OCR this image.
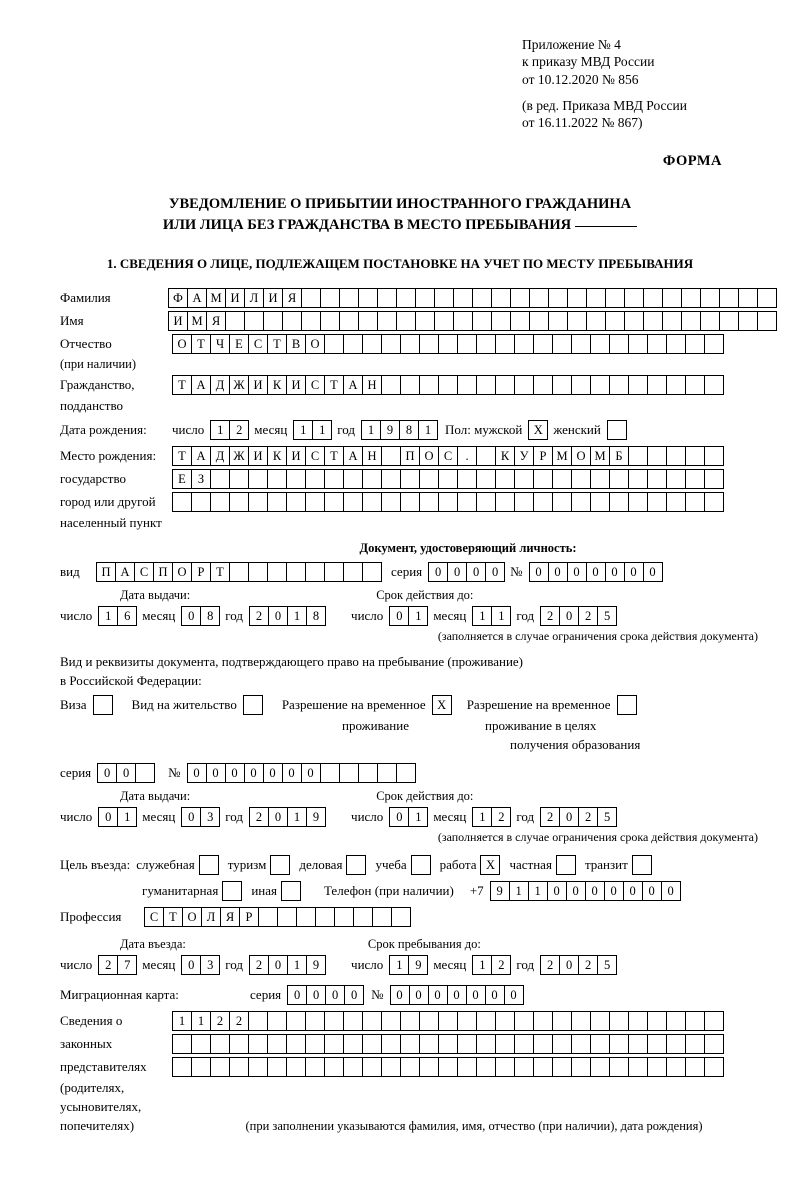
Приложение № 4
к приказу МВД России
от 10.12.2020 № 856
(в ред. Приказа МВД России
от 16.11.2022 № 867)
ФОРМА
УВЕДОМЛЕНИЕ О ПРИБЫТИИ ИНОСТРАННОГО ГРАЖДАНИНА
ИЛИ ЛИЦА БЕЗ ГРАЖДАНСТВА В МЕСТО ПРЕБЫВАНИЯ
1. СВЕДЕНИЯ О ЛИЦЕ, ПОДЛЕЖАЩЕМ ПОСТАНОВКЕ НА УЧЕТ ПО МЕСТУ ПРЕБЫВАНИЯ
Фамилия	Ф А М И Л И Я
Имя	И М Я
Отчество	О Т Ч Е С Т В О
(при наличии)
Гражданство,	Т А Д Ж И К И С Т А Н
подданство
Дата рождения:	число	1	2 месяц	1	1 год	1	9	8	1	Пол: мужской X женский
Место рождения:	Т А Д Ж И К И С Т А Н	П О С	.	К У Р М О М Б
государство	Е З
город или другой
населенный пункт
Документ, удостоверяющий личность:
вид	П А С П О Р Т	серия	0	0	0	0 №	0	0	0	0	0	0	0
Дата выдачи:	Срок действия до:
число	1	6 месяц	0	8 год	2	0	1	8	число	0	1 месяц	1	1 год	2	0	2	5
(заполняется в случае ограничения срока действия документа)
Вид и реквизиты документа, подтверждающего право на пребывание (проживание)
в Российской Федерации:
Виза	Вид на жительство	Разрешение на временное X	Разрешение на временное
проживание	проживание в целях
получения образования
серия	0	0	№	0	0	0	0	0	0	0
Дата выдачи:	Срок действия до:
число	0	1 месяц	0	3 год	2	0	1	9	число	0	1 месяц	1	2 год	2	0	2	5
(заполняется в случае ограничения срока действия документа)
Цель въезда: служебная	туризм	деловая	учеба	работа X	частная	транзит
гуманитарная	иная	Телефон (при наличии) +7	9	1	1	0	0	0	0	0	0	0
Профессия	С Т О Л Я Р
Дата въезда:	Срок пребывания до:
число	2	7 месяц	0	3 год	2	0	1	9	число	1	9 месяц	1	2 год	2	0	2	5
Миграционная карта:	серия	0	0	0	0	№	0	0	0	0	0	0	0
Сведения о	1	1	2	2
законных
представителях
(родителях,
усыновителях,
попечителях)	(при заполнении указываются фамилия, имя, отчество (при наличии), дата рождения)
